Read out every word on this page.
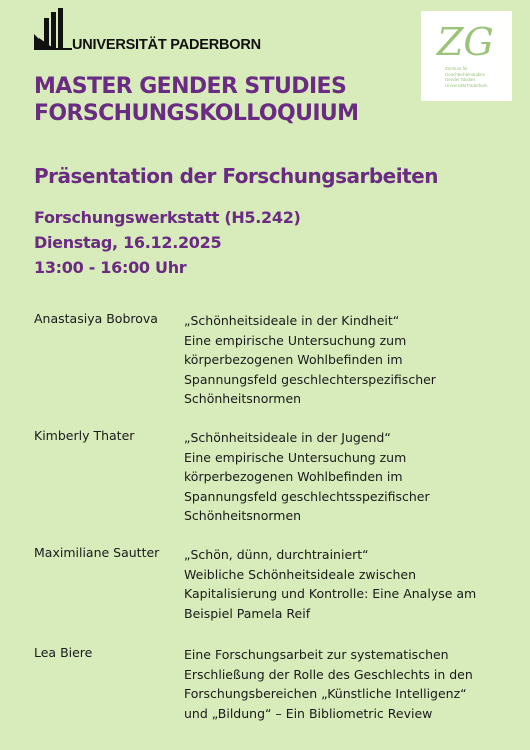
UNIVERSITÄT PADERBORN	ZG
Zentrum für
Geschlechterstudien
Gender Studies
Universität Paderborn
MASTER GENDER STUDIES
FORSCHUNGSKOLLOQUIUM
Präsentation der Forschungsarbeiten
Forschungswerkstatt (H5.242)
Dienstag, 16.12.2025
13:00 - 16:00 Uhr
Anastasiya Bobrova „Schönheitsideale in der Kindheit“
Eine empirische Untersuchung zum
körperbezogenen Wohlbefinden im
Spannungsfeld geschlechterspezifischer
Schönheitsnormen
Kimberly Thater	„Schönheitsideale in der Jugend“
Eine empirische Untersuchung zum
körperbezogenen Wohlbefinden im
Spannungsfeld geschlechtsspezifischer
Schönheitsnormen
Maximiliane Sautter „Schön, dünn, durchtrainiert“
Weibliche Schönheitsideale zwischen
Kapitalisierung und Kontrolle: Eine Analyse am
Beispiel Pamela Reif
Lea Biere	Eine Forschungsarbeit zur systematischen
Erschließung der Rolle des Geschlechts in den
Forschungsbereichen „Künstliche Intelligenz“
und „Bildung“ – Ein Bibliometric Review
